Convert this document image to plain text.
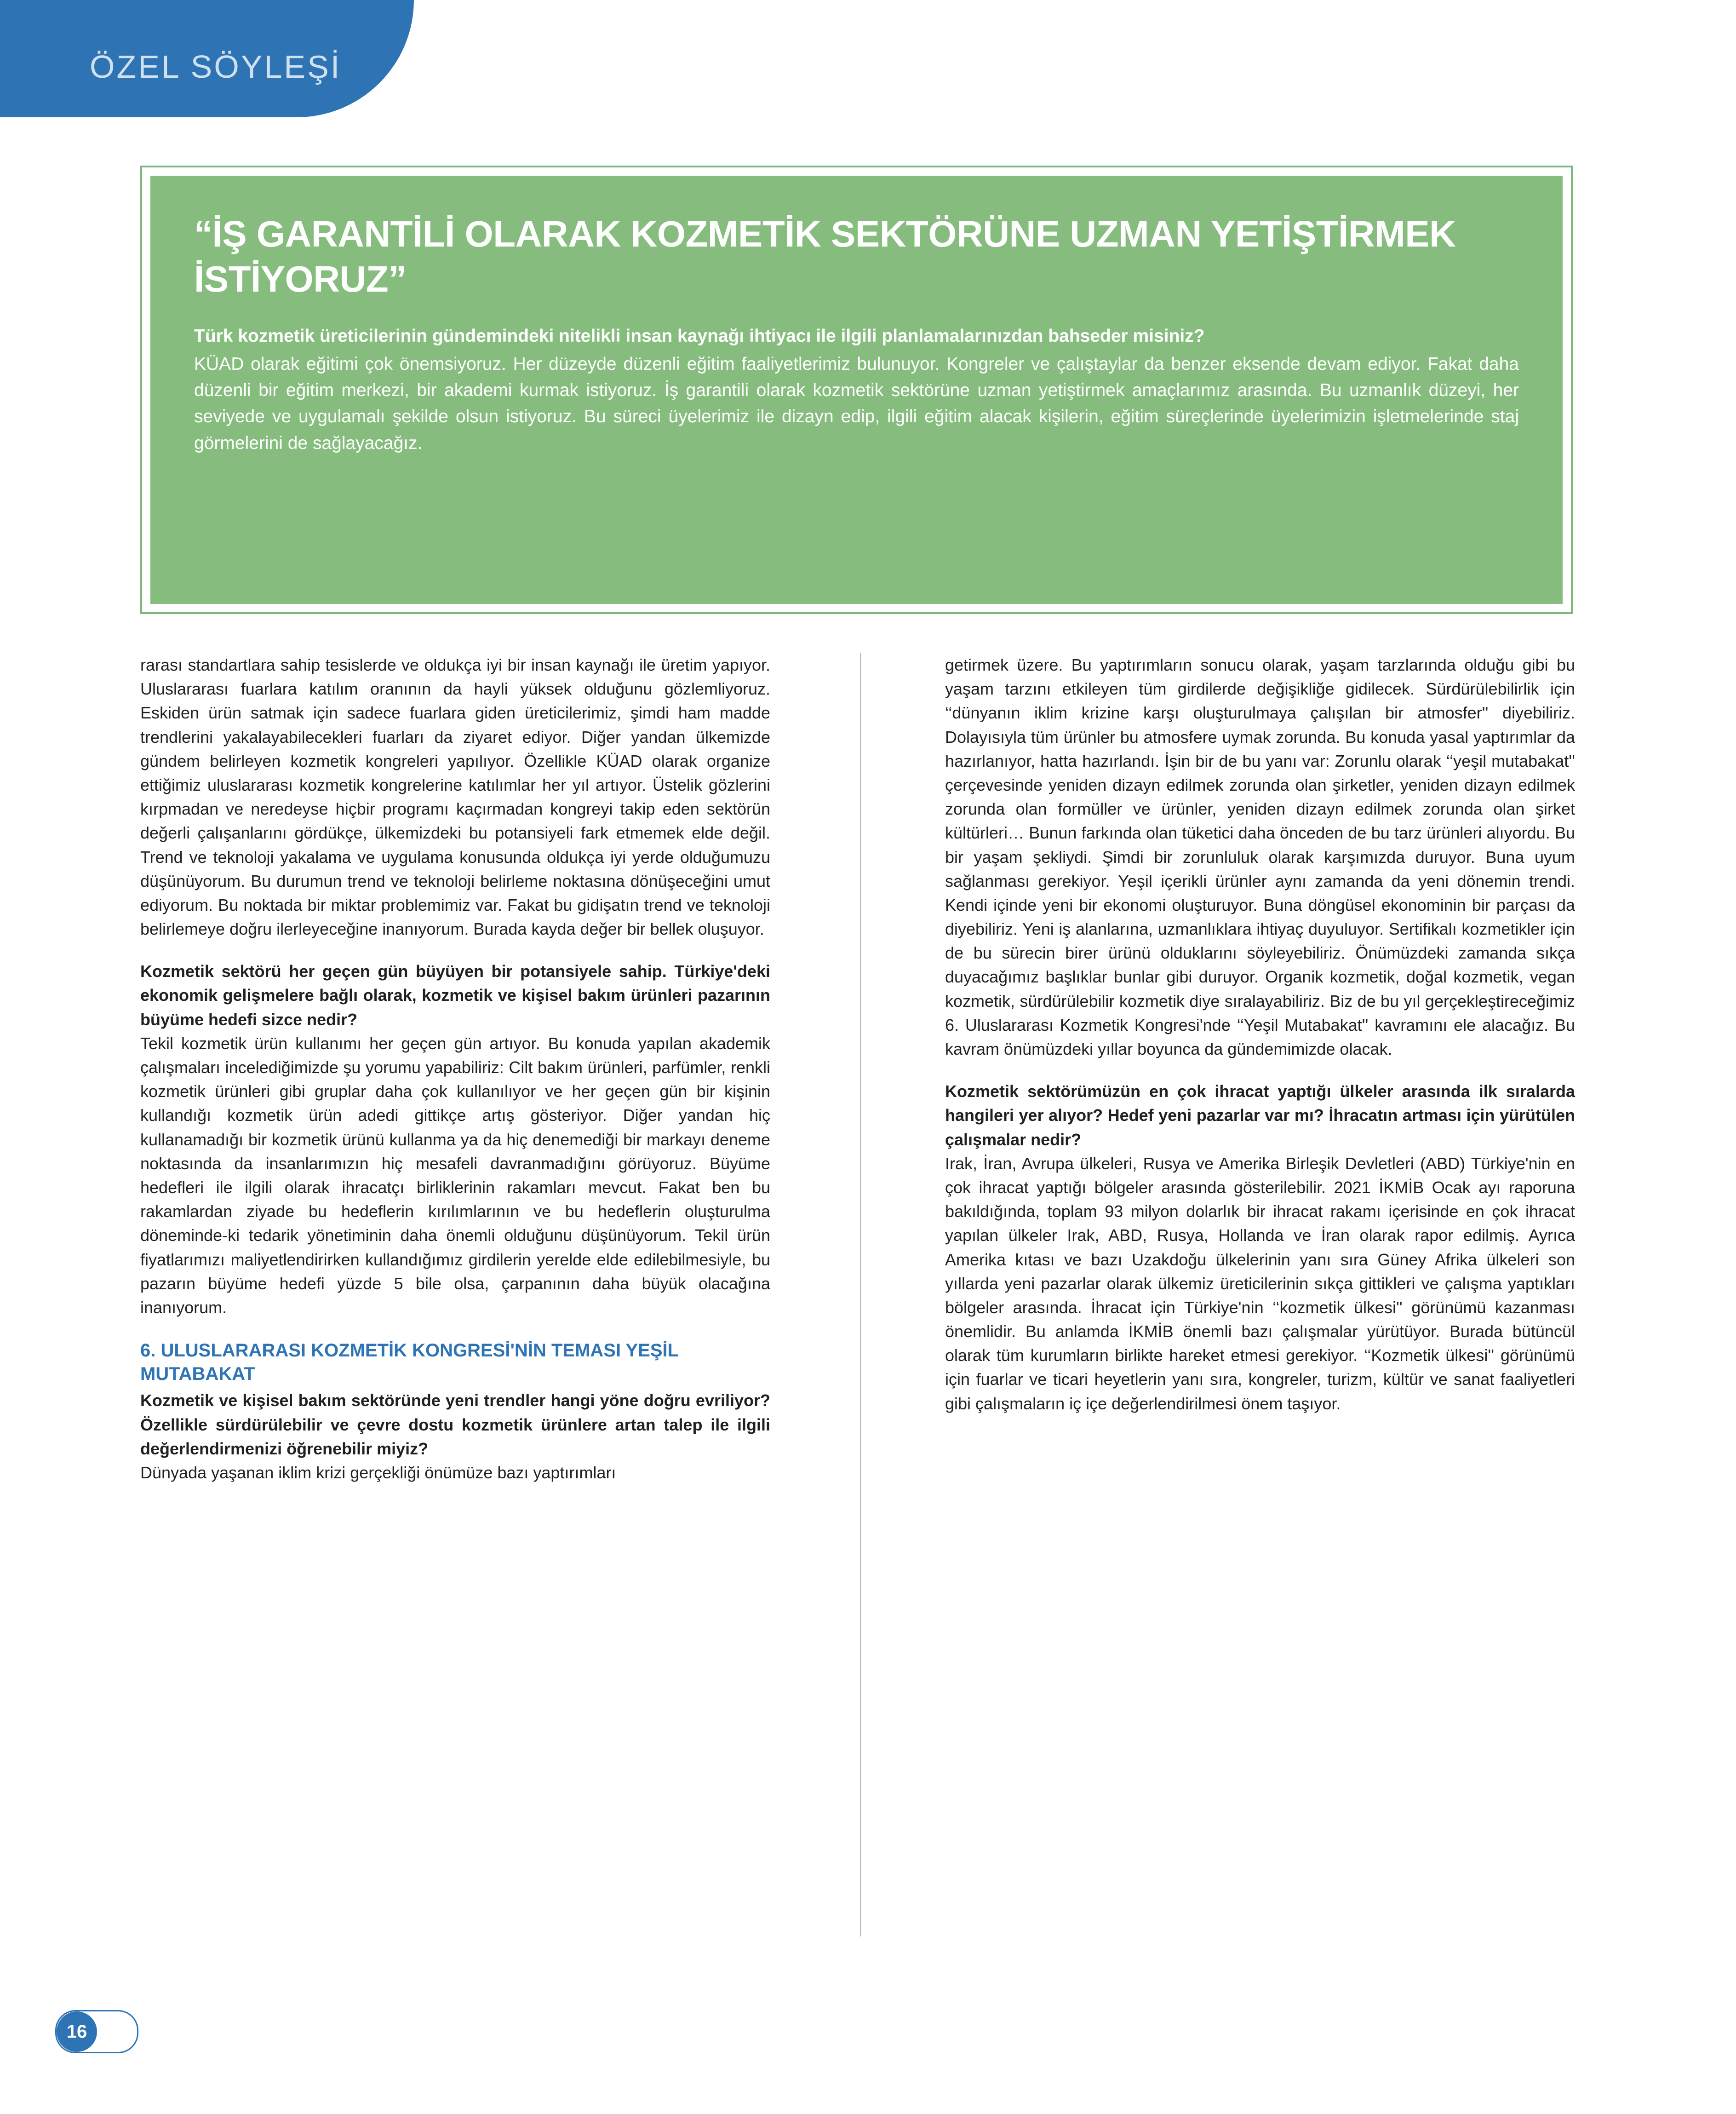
ÖZEL SÖYLEŞİ
“İŞ GARANTİLİ OLARAK KOZMETİK SEKTÖRÜNE UZMAN YETİŞTİRMEK İSTİYORUZ”

Türk kozmetik üreticilerinin gündemindeki nitelikli insan kaynağı ihtiyacı ile ilgili planlamalarınızdan bahseder misiniz?

KÜAD olarak eğitimi çok önemsiyoruz. Her düzeyde düzenli eğitim faaliyetlerimiz bulunuyor. Kongreler ve çalıştaylar da benzer eksende devam ediyor. Fakat daha düzenli bir eğitim merkezi, bir akademi kurmak istiyoruz. İş garantili olarak kozmetik sektörüne uzman yetiştirmek amaçlarımız arasında. Bu uzmanlık düzeyi, her seviyede ve uygulamalı şekilde olsun istiyoruz. Bu süreci üyelerimiz ile dizayn edip, ilgili eğitim alacak kişilerin, eğitim süreçlerinde üyelerimizin işletmelerinde staj görmelerini de sağlayacağız.

rarası standartlara sahip tesislerde ve oldukça iyi bir insan kaynağı ile üretim yapıyor. Uluslararası fuarlara katılım oranının da hayli yüksek olduğunu gözlemliyoruz. Eskiden ürün satmak için sadece fuarlara giden üreticilerimiz, şimdi ham madde trendlerini yakalayabilecekleri fuarları da ziyaret ediyor. Diğer yandan ülkemizde gündem belirleyen kozmetik kongreleri yapılıyor. Özellikle KÜAD olarak organize ettiğimiz uluslararası kozmetik kongrelerine katılımlar her yıl artıyor. Üstelik gözlerini kırpmadan ve neredeyse hiçbir programı kaçırmadan kongreyi takip eden sektörün değerli çalışanlarını gördükçe, ülkemizdeki bu potansiyeli fark etmemek elde değil. Trend ve teknoloji yakalama ve uygulama konusunda oldukça iyi yerde olduğumuzu düşünüyorum. Bu durumun trend ve teknoloji belirleme noktasına dönüşeceğini umut ediyorum. Bu noktada bir miktar problemimiz var. Fakat bu gidişatın trend ve teknoloji belirlemeye doğru ilerleyeceğine inanıyorum. Burada kayda değer bir bellek oluşuyor.

Kozmetik sektörü her geçen gün büyüyen bir potansiyele sahip. Türkiye'deki ekonomik gelişmelere bağlı olarak, kozmetik ve kişisel bakım ürünleri pazarının büyüme hedefi sizce nedir?

Tekil kozmetik ürün kullanımı her geçen gün artıyor. Bu konuda yapılan akademik çalışmaları incelediğimizde şu yorumu yapabiliriz: Cilt bakım ürünleri, parfümler, renkli kozmetik ürünleri gibi gruplar daha çok kullanılıyor ve her geçen gün bir kişinin kullandığı kozmetik ürün adedi gittikçe artış gösteriyor. Diğer yandan hiç kullanamadığı bir kozmetik ürünü kullanma ya da hiç denemediği bir markayı deneme noktasında da insanlarımızın hiç mesafeli davranmadığını görüyoruz. Büyüme hedefleri ile ilgili olarak ihracatçı birliklerinin rakamları mevcut. Fakat ben bu rakamlardan ziyade bu hedeflerin kırılımlarının ve bu hedeflerin oluşturulma döneminde-ki tedarik yönetiminin daha önemli olduğunu düşünüyorum. Tekil ürün fiyatlarımızı maliyetlendirirken kullandığımız girdilerin yerelde elde edilebilmesiyle, bu pazarın büyüme hedefi yüzde 5 bile olsa, çarpanının daha büyük olacağına inanıyorum.

6. ULUSLARARASI KOZMETİK KONGRESİ'NİN TEMASI YEŞİL MUTABAKAT

Kozmetik ve kişisel bakım sektöründe yeni trendler hangi yöne doğru evriliyor? Özellikle sürdürülebilir ve çevre dostu kozmetik ürünlere artan talep ile ilgili değerlendirmenizi öğrenebilir miyiz?

Dünyada yaşanan iklim krizi gerçekliği önümüze bazı yaptırımları

getirmek üzere. Bu yaptırımların sonucu olarak, yaşam tarzlarında olduğu gibi bu yaşam tarzını etkileyen tüm girdilerde değişikliğe gidilecek. Sürdürülebilirlik için ‘‘dünyanın iklim krizine karşı oluşturulmaya çalışılan bir atmosfer'' diyebiliriz. Dolayısıyla tüm ürünler bu atmosfere uymak zorunda. Bu konuda yasal yaptırımlar da hazırlanıyor, hatta hazırlandı. İşin bir de bu yanı var: Zorunlu olarak ‘‘yeşil mutabakat'' çerçevesinde yeniden dizayn edilmek zorunda olan şirketler, yeniden dizayn edilmek zorunda olan formüller ve ürünler, yeniden dizayn edilmek zorunda olan şirket kültürleri… Bunun farkında olan tüketici daha önceden de bu tarz ürünleri alıyordu. Bu bir yaşam şekliydi. Şimdi bir zorunluluk olarak karşımızda duruyor. Buna uyum sağlanması gerekiyor. Yeşil içerikli ürünler aynı zamanda da yeni dönemin trendi. Kendi içinde yeni bir ekonomi oluşturuyor. Buna döngüsel ekonominin bir parçası da diyebiliriz. Yeni iş alanlarına, uzmanlıklara ihtiyaç duyuluyor. Sertifikalı kozmetikler için de bu sürecin birer ürünü olduklarını söyleyebiliriz. Önümüzdeki zamanda sıkça duyacağımız başlıklar bunlar gibi duruyor. Organik kozmetik, doğal kozmetik, vegan kozmetik, sürdürülebilir kozmetik diye sıralayabiliriz. Biz de bu yıl gerçekleştireceğimiz 6. Uluslararası Kozmetik Kongresi'nde ‘‘Yeşil Mutabakat'' kavramını ele alacağız. Bu kavram önümüzdeki yıllar boyunca da gündemimizde olacak.

Kozmetik sektörümüzün en çok ihracat yaptığı ülkeler arasında ilk sıralarda hangileri yer alıyor? Hedef yeni pazarlar var mı? İhracatın artması için yürütülen çalışmalar nedir?

Irak, İran, Avrupa ülkeleri, Rusya ve Amerika Birleşik Devletleri (ABD) Türkiye'nin en çok ihracat yaptığı bölgeler arasında gösterilebilir. 2021 İKMİB Ocak ayı raporuna bakıldığında, toplam 93 milyon dolarlık bir ihracat rakamı içerisinde en çok ihracat yapılan ülkeler Irak, ABD, Rusya, Hollanda ve İran olarak rapor edilmiş. Ayrıca Amerika kıtası ve bazı Uzakdoğu ülkelerinin yanı sıra Güney Afrika ülkeleri son yıllarda yeni pazarlar olarak ülkemiz üreticilerinin sıkça gittikleri ve çalışma yaptıkları bölgeler arasında. İhracat için Türkiye'nin ‘‘kozmetik ülkesi'' görünümü kazanması önemlidir. Bu anlamda İKMİB önemli bazı çalışmalar yürütüyor. Burada bütüncül olarak tüm kurumların birlikte hareket etmesi gerekiyor. ‘‘Kozmetik ülkesi'' görünümü için fuarlar ve ticari heyetlerin yanı sıra, kongreler, turizm, kültür ve sanat faaliyetleri gibi çalışmaların iç içe değerlendirilmesi önem taşıyor.

16
